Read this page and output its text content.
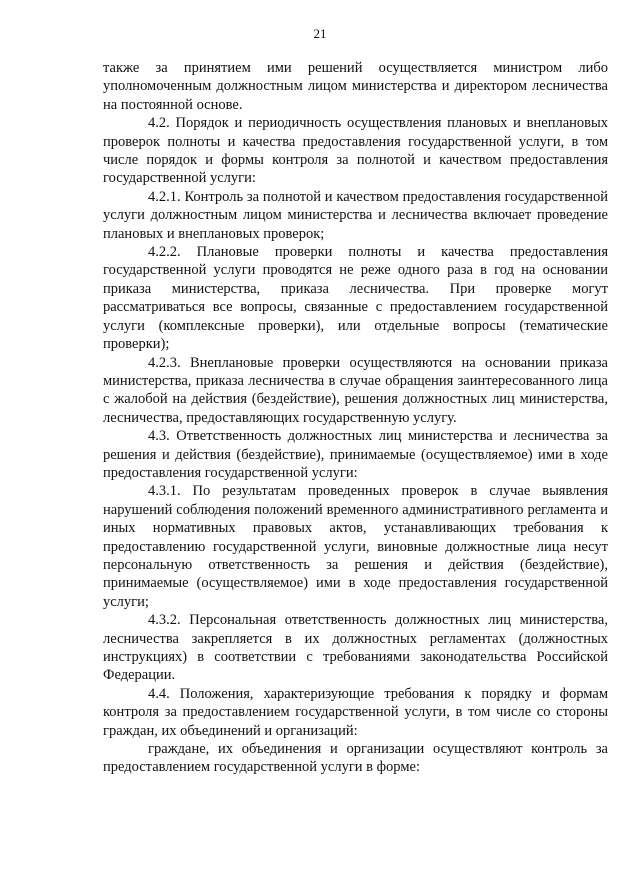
21

также за принятием ими решений осуществляется министром либо уполномоченным должностным лицом министерства и директором лесничества на постоянной основе.

4.2. Порядок и периодичность осуществления плановых и внеплановых проверок полноты и качества предоставления государственной услуги, в том числе порядок и формы контроля за полнотой и качеством предоставления государственной услуги:

4.2.1. Контроль за полнотой и качеством предоставления государственной услуги должностным лицом министерства и лесничества включает проведение плановых и внеплановых проверок;

4.2.2. Плановые проверки полноты и качества предоставления государственной услуги проводятся не реже одного раза в год на основании приказа министерства, приказа лесничества. При проверке могут рассматриваться все вопросы, связанные с предоставлением государственной услуги (комплексные проверки), или отдельные вопросы (тематические проверки);

4.2.3. Внеплановые проверки осуществляются на основании приказа министерства, приказа лесничества в случае обращения заинтересованного лица с жалобой на действия (бездействие), решения должностных лиц министерства, лесничества, предоставляющих государственную услугу.

4.3. Ответственность должностных лиц министерства и лесничества за решения и действия (бездействие), принимаемые (осуществляемое) ими в ходе предоставления государственной услуги:

4.3.1. По результатам проведенных проверок в случае выявления нарушений соблюдения положений временного административного регламента и иных нормативных правовых актов, устанавливающих требования к предоставлению государственной услуги, виновные должностные лица несут персональную ответственность за решения и действия (бездействие), принимаемые (осуществляемое) ими в ходе предоставления государственной услуги;

4.3.2. Персональная ответственность должностных лиц министерства, лесничества закрепляется в их должностных регламентах (должностных инструкциях) в соответствии с требованиями законодательства Российской Федерации.

4.4. Положения, характеризующие требования к порядку и формам контроля за предоставлением государственной услуги, в том числе со стороны граждан, их объединений и организаций:

граждане, их объединения и организации осуществляют контроль за предоставлением государственной услуги в форме:
